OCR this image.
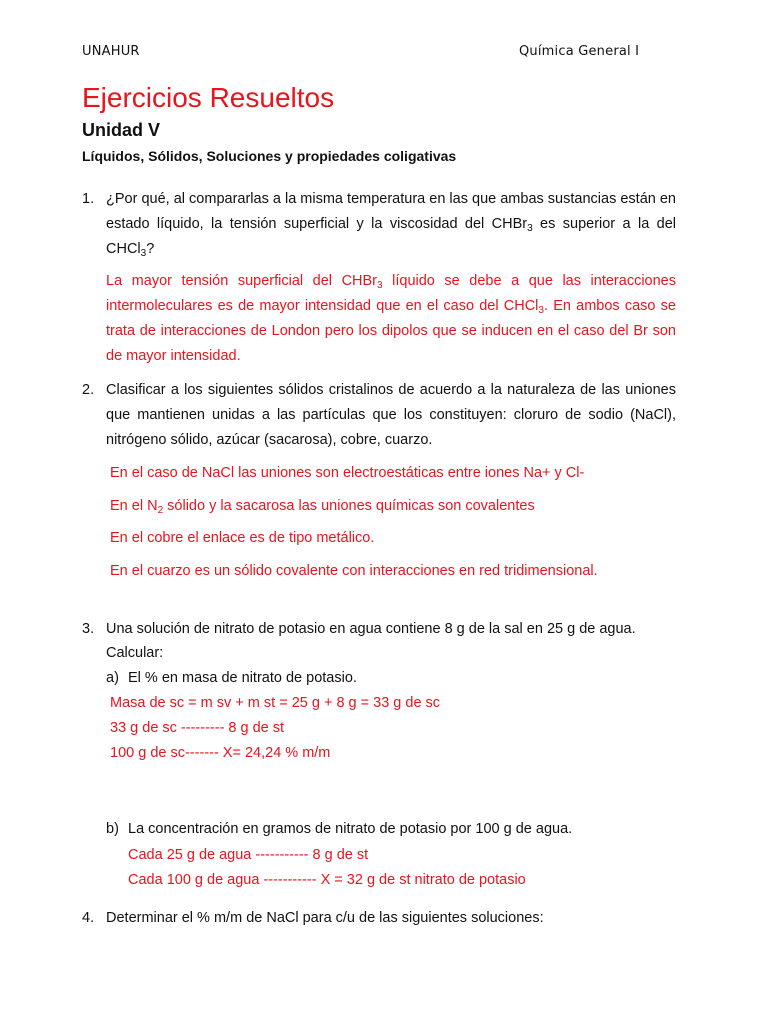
UNAHUR	Química General I
Ejercicios Resueltos
Unidad V
Líquidos, Sólidos, Soluciones y propiedades coligativas
1. ¿Por qué, al compararlas a la misma temperatura en las que ambas sustancias están en estado líquido, la tensión superficial y la viscosidad del CHBr$_3$ es superior a la del CHCl$_3$?
La mayor tensión superficial del CHBr$_3$ líquido se debe a que las interacciones intermoleculares es de mayor intensidad que en el caso del CHCl$_3$. En ambos caso se trata de interacciones de London pero los dipolos que se inducen en el caso del Br son de mayor intensidad.
2. Clasificar a los siguientes sólidos cristalinos de acuerdo a la naturaleza de las uniones que mantienen unidas a las partículas que los constituyen: cloruro de sodio (NaCl), nitrógeno sólido, azúcar (sacarosa), cobre, cuarzo.
En el caso de NaCl las uniones son electroestáticas entre iones Na+ y Cl-
En el $N_2$ sólido y la sacarosa las uniones químicas son covalentes
En el cobre el enlace es de tipo metálico.
En el cuarzo es un sólido covalente con interacciones en red tridimensional.
3. Una solución de nitrato de potasio en agua contiene 8 g de la sal en 25 g de agua.
Calcular:
a) El % en masa de nitrato de potasio.
Masa de sc = m sv + m st = 25 g + 8 g = 33 g de sc
33 g de sc --------- 8 g de st
100 g de sc------- X= 24,24 % m/m
b) La concentración en gramos de nitrato de potasio por 100 g de agua.
Cada 25 g de agua ----------- 8 g de st
Cada 100 g de agua ----------- X = 32 g de st nitrato de potasio
4. Determinar el % m/m de NaCl para c/u de las siguientes soluciones:
